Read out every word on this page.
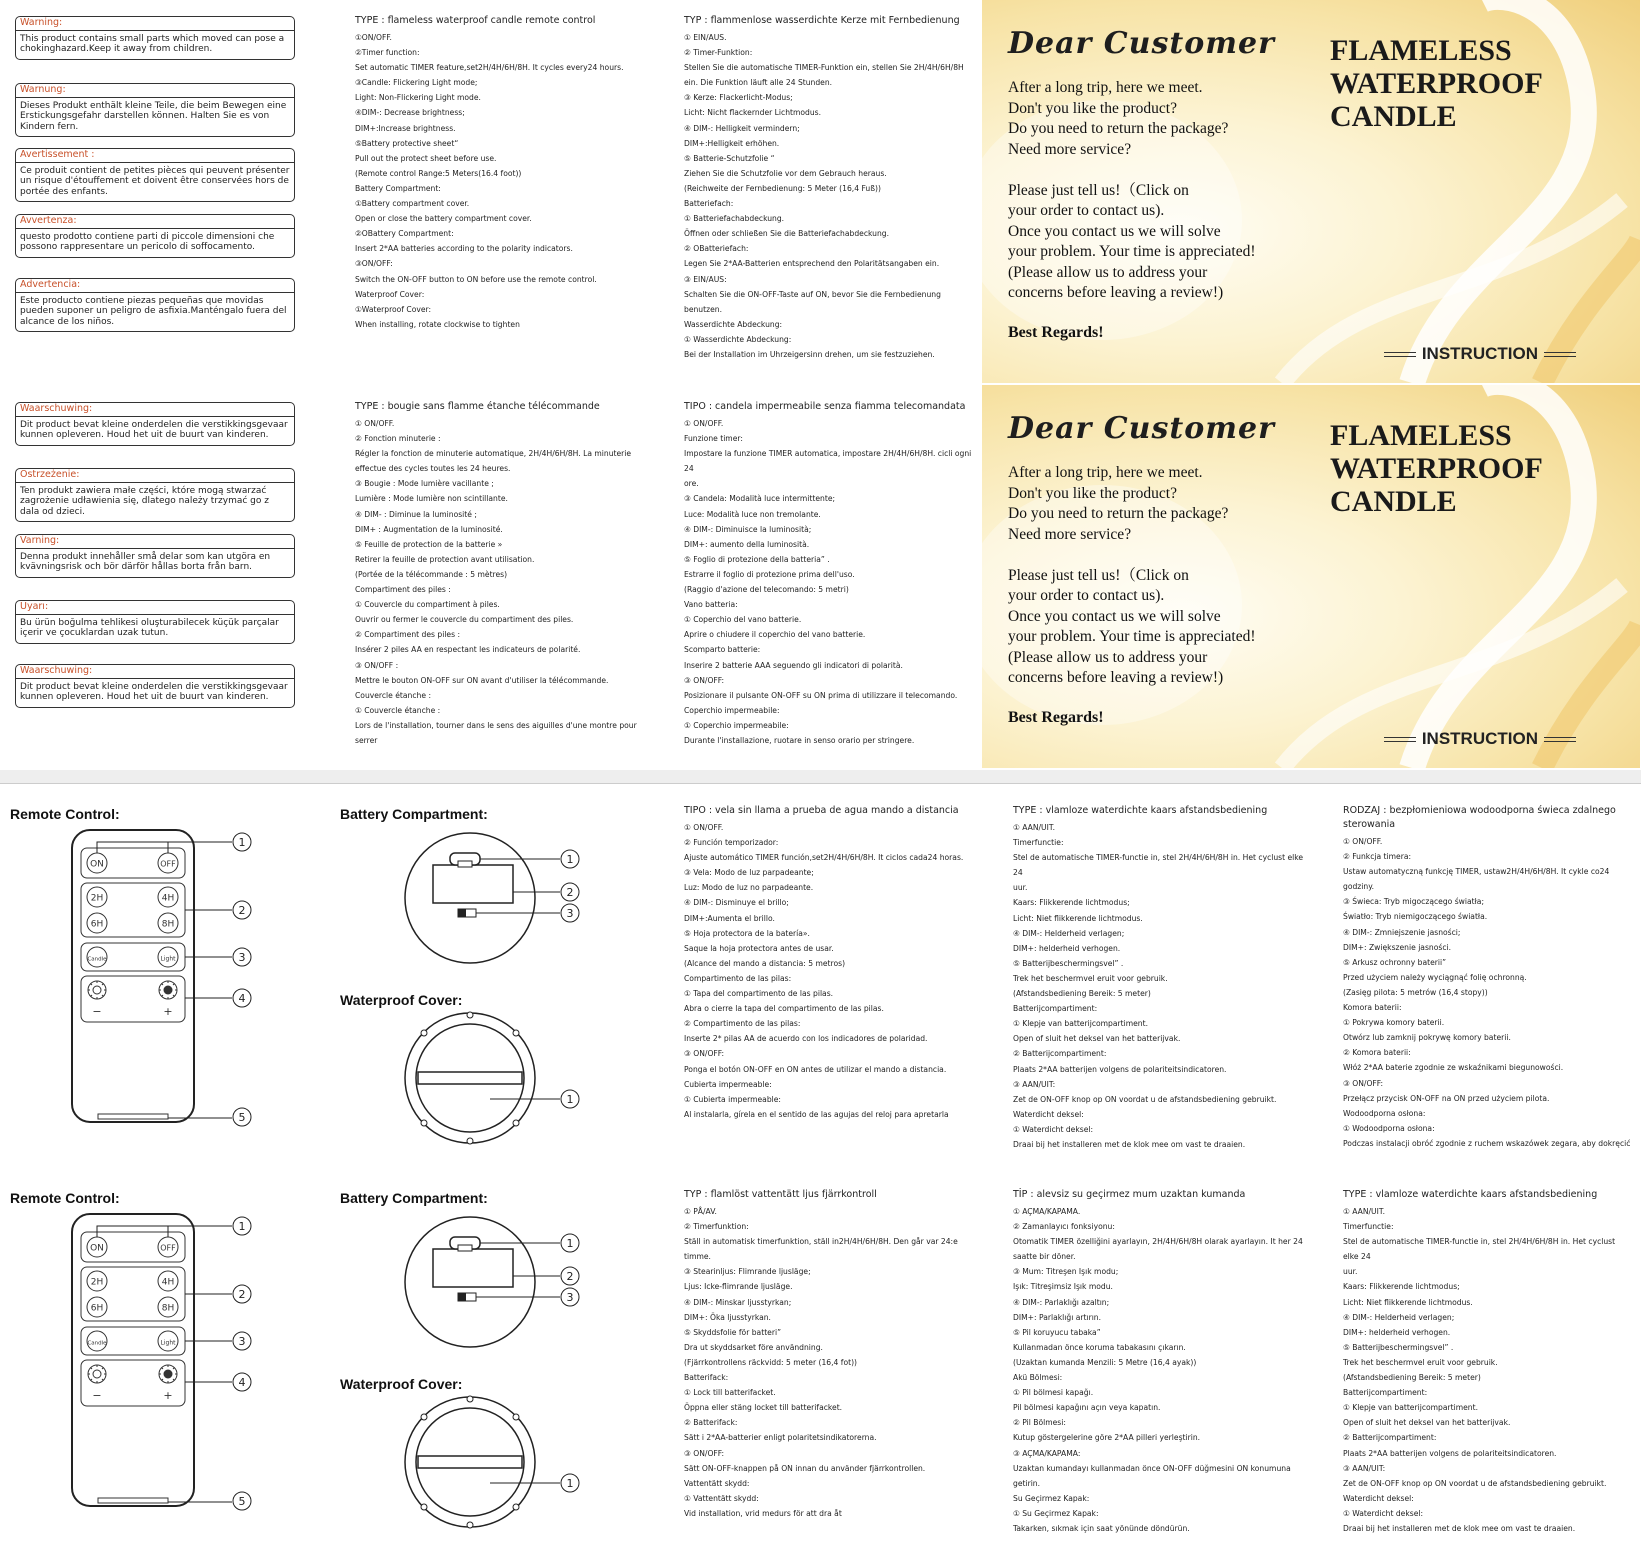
Warning:
This product contains small parts which moved can pose a chokinghazard.Keep it away from children.
Warnung:
Dieses Produkt enthält kleine Teile, die beim Bewegen eine Erstickungsgefahr darstellen können. Halten Sie es von Kindern fern.
Avertissement :
Ce produit contient de petites pièces qui peuvent présenter un risque d'étouffement et doivent être conservées hors de portée des enfants.
Avvertenza:
questo prodotto contiene parti di piccole dimensioni che possono rappresentare un pericolo di soffocamento.
Advertencia:
Este producto contiene piezas pequeñas que movidas pueden suponer un peligro de asfixia.Manténgalo fuera del alcance de los niños.
Waarschuwing:
Dit product bevat kleine onderdelen die verstikkingsgevaar kunnen opleveren. Houd het uit de buurt van kinderen.
Ostrzeżenie:
Ten produkt zawiera małe części, które mogą stwarzać zagrożenie udławienia się, dlatego należy trzymać go z dala od dzieci.
Varning:
Denna produkt innehåller små delar som kan utgöra en kvävningsrisk och bör därför hållas borta från barn.
Uyarı:
Bu ürün boğulma tehlikesi oluşturabilecek küçük parçalar içerir ve çocuklardan uzak tutun.
Waarschuwing:
Dit product bevat kleine onderdelen die verstikkingsgevaar kunnen opleveren. Houd het uit de buurt van kinderen.
TYPE : flameless waterproof candle remote control
①ON/OFF.
②Timer function:
Set automatic TIMER feature,set2H/4H/6H/8H. It cycles every24 hours.
③Candle: Flickering Light mode;
Light: Non-Flickering Light mode.
④DIM-: Decrease brightness;
DIM+:Increase brightness.
⑤Battery protective sheet“
Pull out the protect sheet before use.
(Remote control Range:5 Meters(16.4 foot))
Battery Compartment:
①Battery compartment cover.
Open or close the battery compartment cover.
②OBattery Compartment:
Insert 2*AA batteries according to the polarity indicators.
③ON/OFF:
Switch the ON-OFF button to ON before use the remote control.
Waterproof Cover:
①Waterproof Cover:
When installing, rotate clockwise to tighten
TYP : flammenlose wasserdichte Kerze mit Fernbedienung
① EIN/AUS.
② Timer-Funktion:
Stellen Sie die automatische TIMER-Funktion ein, stellen Sie 2H/4H/6H/8H
ein. Die Funktion läuft alle 24 Stunden.
③ Kerze: Flackerlicht-Modus;
Licht: Nicht flackernder Lichtmodus.
④ DIM-: Helligkeit vermindern;
DIM+:Helligkeit erhöhen.
⑤ Batterie-Schutzfolie “
Ziehen Sie die Schutzfolie vor dem Gebrauch heraus.
(Reichweite der Fernbedienung: 5 Meter (16,4 Fuß))
Batteriefach:
① Batteriefachabdeckung.
Öffnen oder schließen Sie die Batteriefachabdeckung.
② OBatteriefach:
Legen Sie 2*AA-Batterien entsprechend den Polaritätsangaben ein.
③ EIN/AUS:
Schalten Sie die ON-OFF-Taste auf ON, bevor Sie die Fernbedienung benutzen.
Wasserdichte Abdeckung:
① Wasserdichte Abdeckung:
Bei der Installation im Uhrzeigersinn drehen, um sie festzuziehen.
TYPE : bougie sans flamme étanche télécommande
① ON/OFF.
② Fonction minuterie :
Régler la fonction de minuterie automatique, 2H/4H/6H/8H. La minuterie
effectue des cycles toutes les 24 heures.
③ Bougie : Mode lumière vacillante ;
Lumière : Mode lumière non scintillante.
④ DIM- : Diminue la luminosité ;
DIM+ : Augmentation de la luminosité.
⑤ Feuille de protection de la batterie »
Retirer la feuille de protection avant utilisation.
(Portée de la télécommande : 5 mètres)
Compartiment des piles :
① Couvercle du compartiment à piles.
Ouvrir ou fermer le couvercle du compartiment des piles.
② Compartiment des piles :
Insérer 2 piles AA en respectant les indicateurs de polarité.
③ ON/OFF :
Mettre le bouton ON-OFF sur ON avant d'utiliser la télécommande.
Couvercle étanche :
① Couvercle étanche :
Lors de l'installation, tourner dans le sens des aiguilles d'une montre pour
serrer
TIPO : candela impermeabile senza fiamma telecomandata
① ON/OFF.
Funzione timer:
Impostare la funzione TIMER automatica, impostare 2H/4H/6H/8H. cicli ogni 24
ore.
③ Candela: Modalità luce intermittente;
Luce: Modalità luce non tremolante.
④ DIM-: Diminuisce la luminosità;
DIM+: aumento della luminosità.
⑤ Foglio di protezione della batteria” .
Estrarre il foglio di protezione prima dell'uso.
(Raggio d'azione del telecomando: 5 metri)
Vano batteria:
① Coperchio del vano batterie.
Aprire o chiudere il coperchio del vano batterie.
Scomparto batterie:
Inserire 2 batterie AAA seguendo gli indicatori di polarità.
③ ON/OFF:
Posizionare il pulsante ON-OFF su ON prima di utilizzare il telecomando.
Coperchio impermeabile:
① Coperchio impermeabile:
Durante l'installazione, ruotare in senso orario per stringere.
Dear Customer
After a long trip, here we meet.
Don't you like the product?
Do you need to return the package?
Need more service?

Please just tell us!（Click on
your order to contact us).
Once you contact us we will solve
your problem. Your time is appreciated!
(Please allow us to address your
concerns before leaving a review!)
Best Regards!
FLAMELESS
WATERPROOF
CANDLE
INSTRUCTION
Dear Customer
After a long trip, here we meet.
Don't you like the product?
Do you need to return the package?
Need more service?

Please just tell us!（Click on
your order to contact us).
Once you contact us we will solve
your problem. Your time is appreciated!
(Please allow us to address your
concerns before leaving a review!)
Best Regards!
FLAMELESS
WATERPROOF
CANDLE
INSTRUCTION
Remote Control:	Battery Compartment:
Waterproof Cover:
ON	OFF
2H	4H
6H	8H
Candle	Light
−	+
1
2
3
4
5
1
2
3
1
TIPO : vela sin llama a prueba de agua mando a distancia
① ON/OFF.
② Función temporizador:
Ajuste automático TIMER función,set2H/4H/6H/8H. It ciclos cada24 horas.
③ Vela: Modo de luz parpadeante;
Luz: Modo de luz no parpadeante.
④ DIM-: Disminuye el brillo;
DIM+:Aumenta el brillo.
⑤ Hoja protectora de la batería».
Saque la hoja protectora antes de usar.
(Alcance del mando a distancia: 5 metros)
Compartimento de las pilas:
① Tapa del compartimento de las pilas.
Abra o cierre la tapa del compartimento de las pilas.
② Compartimento de las pilas:
Inserte 2* pilas AA de acuerdo con los indicadores de polaridad.
③ ON/OFF:
Ponga el botón ON-OFF en ON antes de utilizar el mando a distancia.
Cubierta impermeable:
① Cubierta impermeable:
Al instalarla, gírela en el sentido de las agujas del reloj para apretarla
TYPE : vlamloze waterdichte kaars afstandsbediening
① AAN/UIT.
Timerfunctie:
Stel de automatische TIMER-functie in, stel 2H/4H/6H/8H in. Het cyclust elke 24
uur.
Kaars: Flikkerende lichtmodus;
Licht: Niet flikkerende lichtmodus.
④ DIM-: Helderheid verlagen;
DIM+: helderheid verhogen.
⑤ Batterijbeschermingsvel” .
Trek het beschermvel eruit voor gebruik.
(Afstandsbediening Bereik: 5 meter)
Batterijcompartiment:
① Klepje van batterijcompartiment.
Open of sluit het deksel van het batterijvak.
② Batterijcompartiment:
Plaats 2*AA batterijen volgens de polariteitsindicatoren.
③ AAN/UIT:
Zet de ON-OFF knop op ON voordat u de afstandsbediening gebruikt.
Waterdicht deksel:
① Waterdicht deksel:
Draai bij het installeren met de klok mee om vast te draaien.
RODZAJ : bezpłomieniowa wodoodporna świeca zdalnego sterowania
① ON/OFF.
② Funkcja timera:
Ustaw automatyczną funkcję TIMER, ustaw2H/4H/6H/8H. It cykle co24
godziny.
③ Świeca: Tryb migoczącego światła;
Światło: Tryb niemigoczącego światła.
④ DIM-: Zmniejszenie jasności;
DIM+: Zwiększenie jasności.
⑤ Arkusz ochronny baterii”
Przed użyciem należy wyciągnąć folię ochronną.
(Zasięg pilota: 5 metrów (16,4 stopy))
Komora baterii:
① Pokrywa komory baterii.
Otwórz lub zamknij pokrywę komory baterii.
② Komora baterii:
Włóż 2*AA baterie zgodnie ze wskaźnikami biegunowości.
③ ON/OFF:
Przełącz przycisk ON-OFF na ON przed użyciem pilota.
Wodoodporna osłona:
① Wodoodporna osłona:
Podczas instalacji obróć zgodnie z ruchem wskazówek zegara, aby dokręcić
Remote Control:	Battery Compartment:
Waterproof Cover:
ON	OFF
2H	4H
6H	8H
Candle	Light
−	+
1
2
3
4
5
1
2
3
1
TYP : flamlöst vattentätt ljus fjärrkontroll
① PÅ/AV.
② Timerfunktion:
Ställ in automatisk timerfunktion, ställ in2H/4H/6H/8H. Den går var 24:e timme.
③ Stearinljus: Flimrande ljusläge;
Ljus: Icke-flimrande ljusläge.
④ DIM-: Minskar ljusstyrkan;
DIM+: Öka ljusstyrkan.
⑤ Skyddsfolie för batteri”
Dra ut skyddsarket före användning.
(Fjärrkontrollens räckvidd: 5 meter (16,4 fot))
Batterifack:
① Lock till batterifacket.
Öppna eller stäng locket till batterifacket.
② Batterifack:
Sätt i 2*AA-batterier enligt polaritetsindikatorerna.
③ ON/OFF:
Sätt ON-OFF-knappen på ON innan du använder fjärrkontrollen.
Vattentätt skydd:
① Vattentätt skydd:
Vid installation, vrid medurs för att dra åt
TİP : alevsiz su geçirmez mum uzaktan kumanda
① AÇMA/KAPAMA.
② Zamanlayıcı fonksiyonu:
Otomatik TIMER özelliğini ayarlayın, 2H/4H/6H/8H olarak ayarlayın. It her 24
saatte bir döner.
③ Mum: Titreşen Işık modu;
Işık: Titreşimsiz Işık modu.
④ DIM-: Parlaklığı azaltın;
DIM+: Parlaklığı artırın.
⑤ Pil koruyucu tabaka”
Kullanmadan önce koruma tabakasını çıkarın.
(Uzaktan kumanda Menzili: 5 Metre (16,4 ayak))
Akü Bölmesi:
① Pil bölmesi kapağı.
Pil bölmesi kapağını açın veya kapatın.
② Pil Bölmesi:
Kutup göstergelerine göre 2*AA pilleri yerleştirin.
③ AÇMA/KAPAMA:
Uzaktan kumandayı kullanmadan önce ON-OFF düğmesini ON konumuna
getirin.
Su Geçirmez Kapak:
① Su Geçirmez Kapak:
Takarken, sıkmak için saat yönünde döndürün.
TYPE : vlamloze waterdichte kaars afstandsbediening
① AAN/UIT.
Timerfunctie:
Stel de automatische TIMER-functie in, stel 2H/4H/6H/8H in. Het cyclust elke 24
uur.
Kaars: Flikkerende lichtmodus;
Licht: Niet flikkerende lichtmodus.
④ DIM-: Helderheid verlagen;
DIM+: helderheid verhogen.
⑤ Batterijbeschermingsvel” .
Trek het beschermvel eruit voor gebruik.
(Afstandsbediening Bereik: 5 meter)
Batterijcompartiment:
① Klepje van batterijcompartiment.
Open of sluit het deksel van het batterijvak.
② Batterijcompartiment:
Plaats 2*AA batterijen volgens de polariteitsindicatoren.
③ AAN/UIT:
Zet de ON-OFF knop op ON voordat u de afstandsbediening gebruikt.
Waterdicht deksel:
① Waterdicht deksel:
Draai bij het installeren met de klok mee om vast te draaien.
